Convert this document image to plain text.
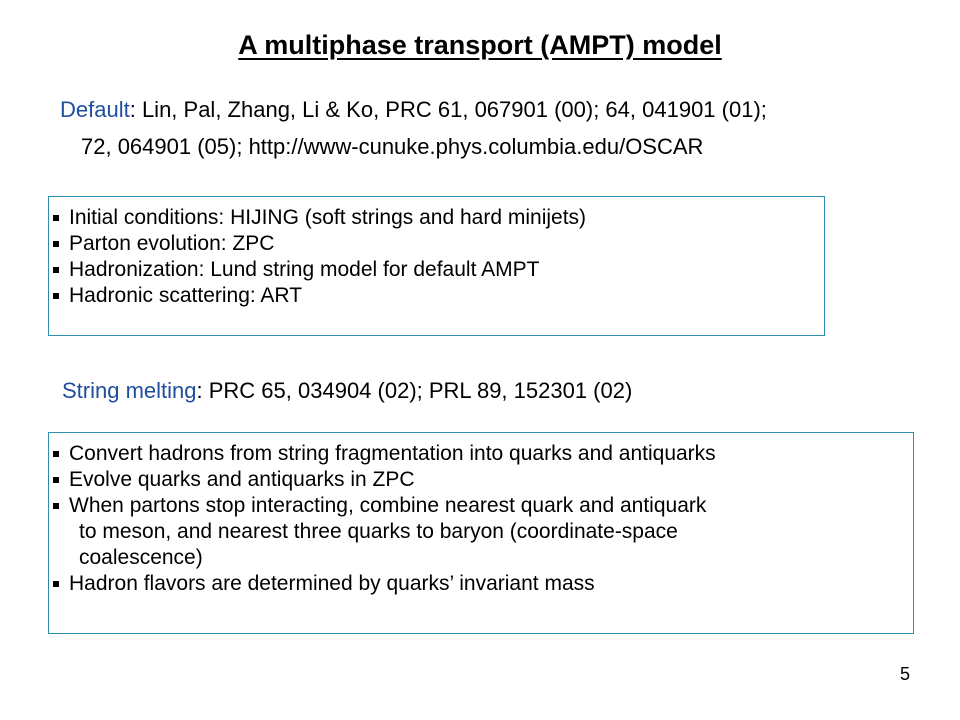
A multiphase transport (AMPT) model
Default: Lin, Pal, Zhang, Li & Ko, PRC 61, 067901 (00); 64, 041901 (01);
72, 064901 (05); http://www-cunuke.phys.columbia.edu/OSCAR
Initial conditions: HIJING (soft strings and hard minijets)
Parton evolution: ZPC
Hadronization: Lund string model for default AMPT
Hadronic scattering: ART
String melting: PRC 65, 034904 (02); PRL 89, 152301 (02)
Convert hadrons from string fragmentation into quarks and antiquarks
Evolve quarks and antiquarks in ZPC
When partons stop interacting, combine nearest quark and antiquark
to meson, and nearest three quarks to baryon (coordinate-space
coalescence)
Hadron flavors are determined by quarks’ invariant mass
5
